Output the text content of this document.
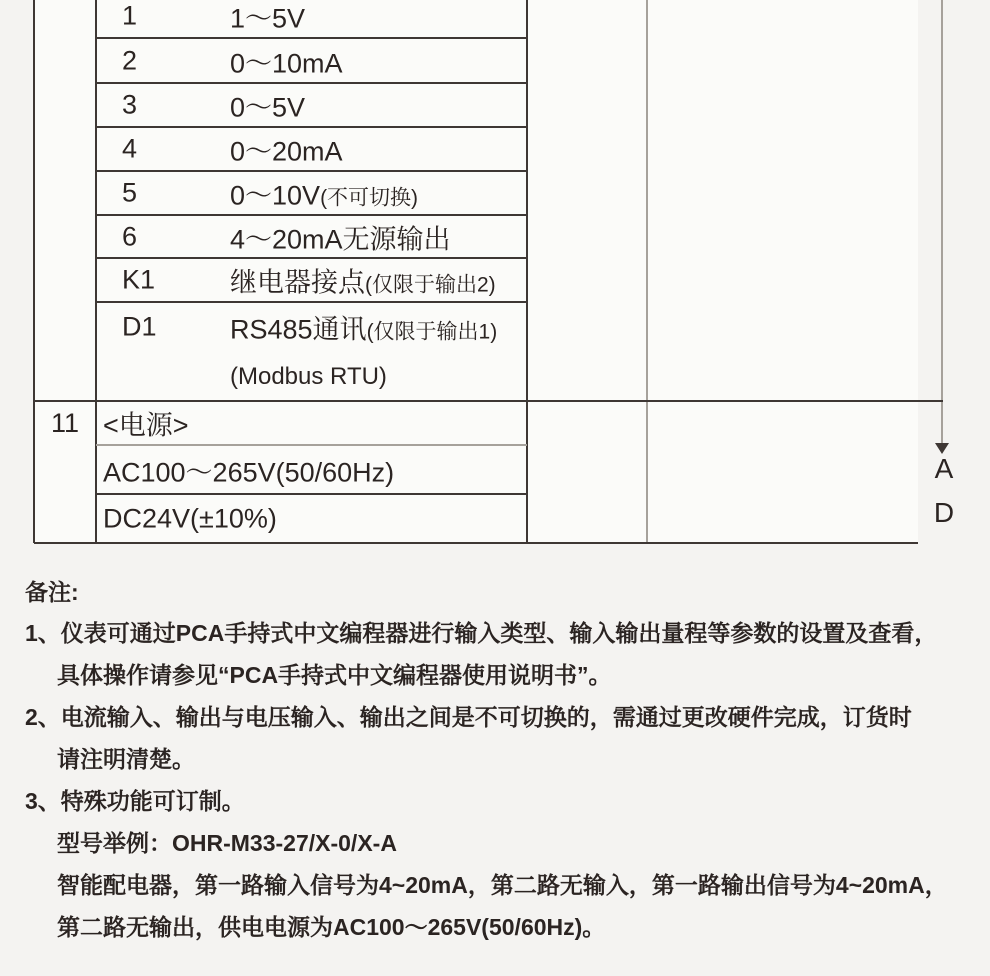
1	1〜5V
2	0〜10mA
3	0〜5V
4	0〜20mA
5	0〜10V(不可切换)
6	4〜20mA无源输出
K1	继电器接点(仅限于输出2)
D1	RS485通讯(仅限于输出1)
(Modbus RTU)
11 <电源>
AC100〜265V(50/60Hz)
DC24V(±10%)
A
D
备注:
1、仪表可通过PCA手持式中文编程器进行输入类型、输入输出量程等参数的设置及查看，
具体操作请参见“PCA手持式中文编程器使用说明书”。
2、电流输入、输出与电压输入、输出之间是不可切换的，需通过更改硬件完成，订货时
请注明清楚。
3、特殊功能可订制。
型号举例：OHR-M33-27/X-0/X-A
智能配电器，第一路输入信号为4~20mA，第二路无输入，第一路输出信号为4~20mA，
第二路无输出，供电电源为AC100〜265V(50/60Hz)。
